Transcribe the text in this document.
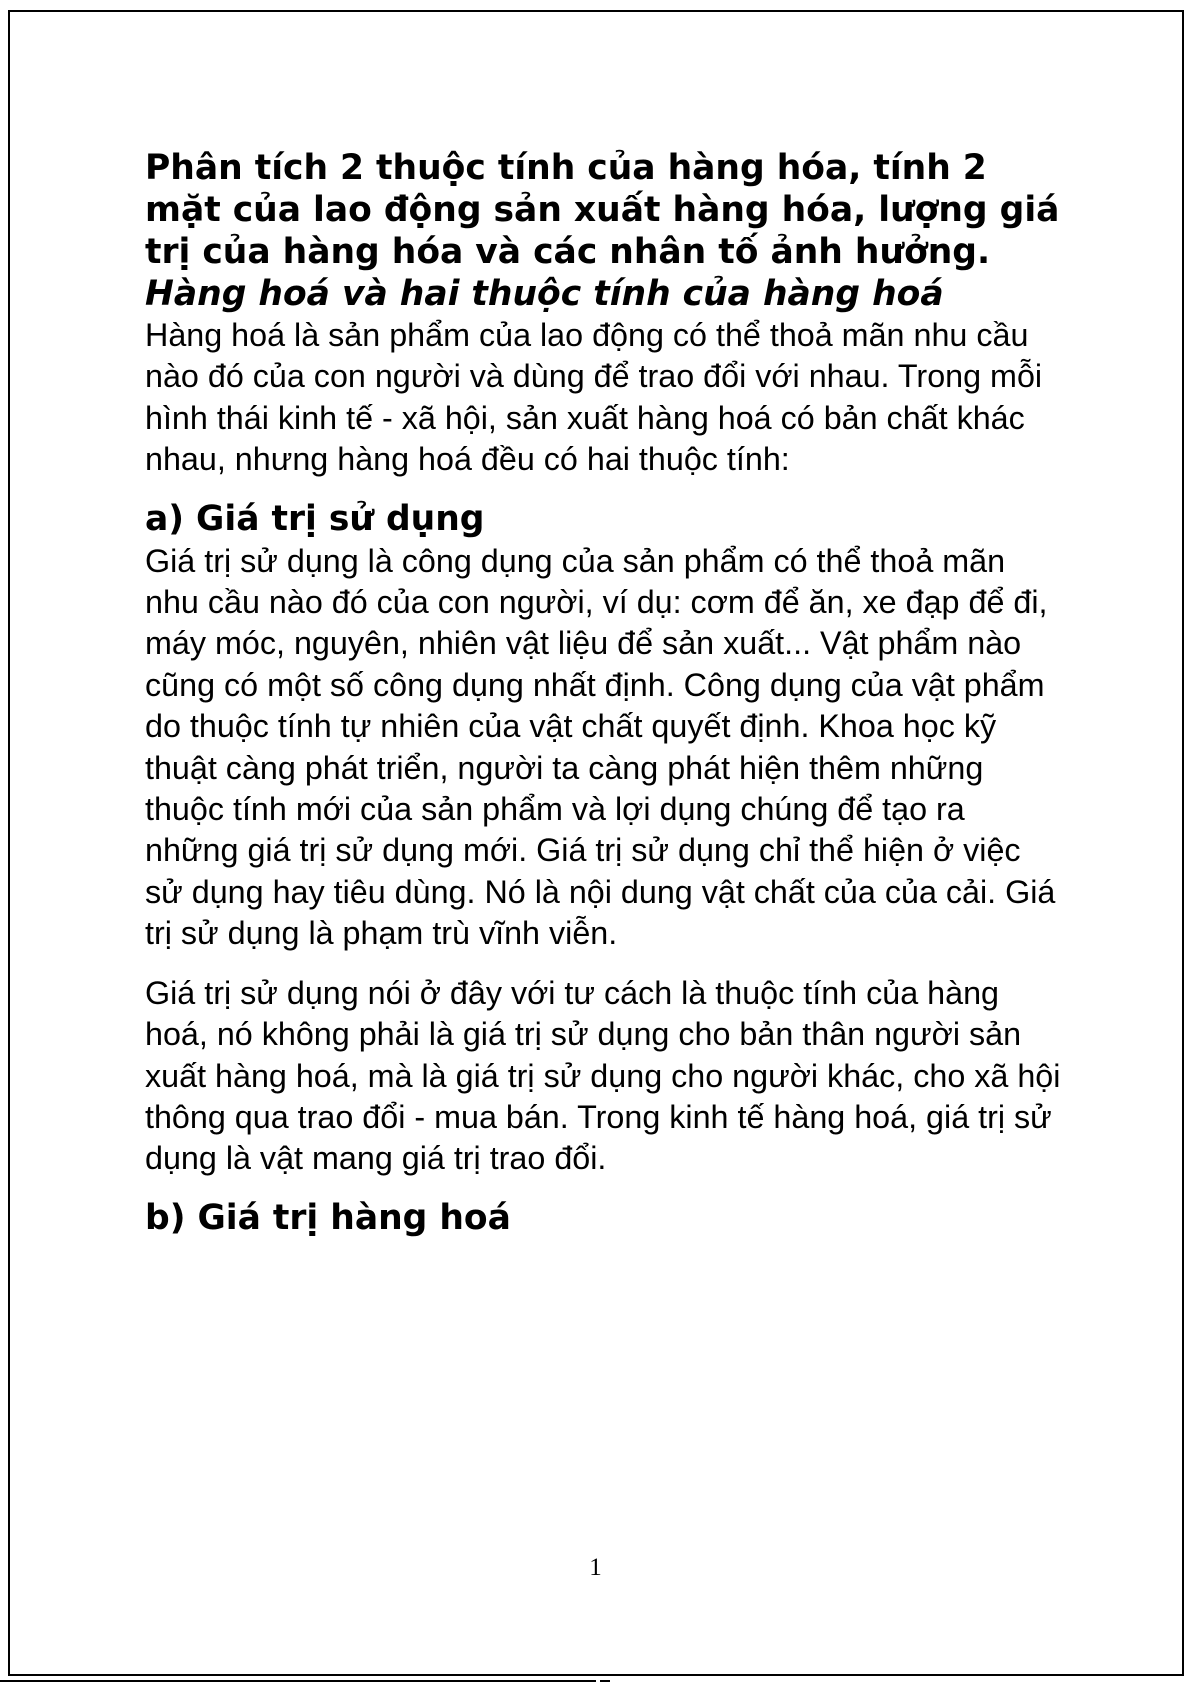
Phân tích 2 thuộc tính của hàng hóa, tính 2 mặt của lao động sản xuất hàng hóa, lượng giá trị của hàng hóa và các nhân tố ảnh hưởng.
Hàng hoá và hai thuộc tính của hàng hoá

Hàng hoá là sản phẩm của lao động có thể thoả mãn nhu cầu nào đó của con người và dùng để trao đổi với nhau. Trong mỗi hình thái kinh tế - xã hội, sản xuất hàng hoá có bản chất khác nhau, nhưng hàng hoá đều có hai thuộc tính:

a) Giá trị sử dụng

Giá trị sử dụng là công dụng của sản phẩm có thể thoả mãn nhu cầu nào đó của con người, ví dụ: cơm để ăn, xe đạp để đi, máy móc, nguyên, nhiên vật liệu để sản xuất... Vật phẩm nào cũng có một số công dụng nhất định. Công dụng của vật phẩm do thuộc tính tự nhiên của vật chất quyết định. Khoa học kỹ thuật càng phát triển, người ta càng phát hiện thêm những thuộc tính mới của sản phẩm và lợi dụng chúng để tạo ra những giá trị sử dụng mới. Giá trị sử dụng chỉ thể hiện ở việc sử dụng hay tiêu dùng. Nó là nội dung vật chất của của cải. Giá trị sử dụng là phạm trù vĩnh viễn.

Giá trị sử dụng nói ở đây với tư cách là thuộc tính của hàng hoá, nó không phải là giá trị sử dụng cho bản thân người sản xuất hàng hoá, mà là giá trị sử dụng cho người khác, cho xã hội thông qua trao đổi - mua bán. Trong kinh tế hàng hoá, giá trị sử dụng là vật mang giá trị trao đổi.

b) Giá trị hàng hoá
1
